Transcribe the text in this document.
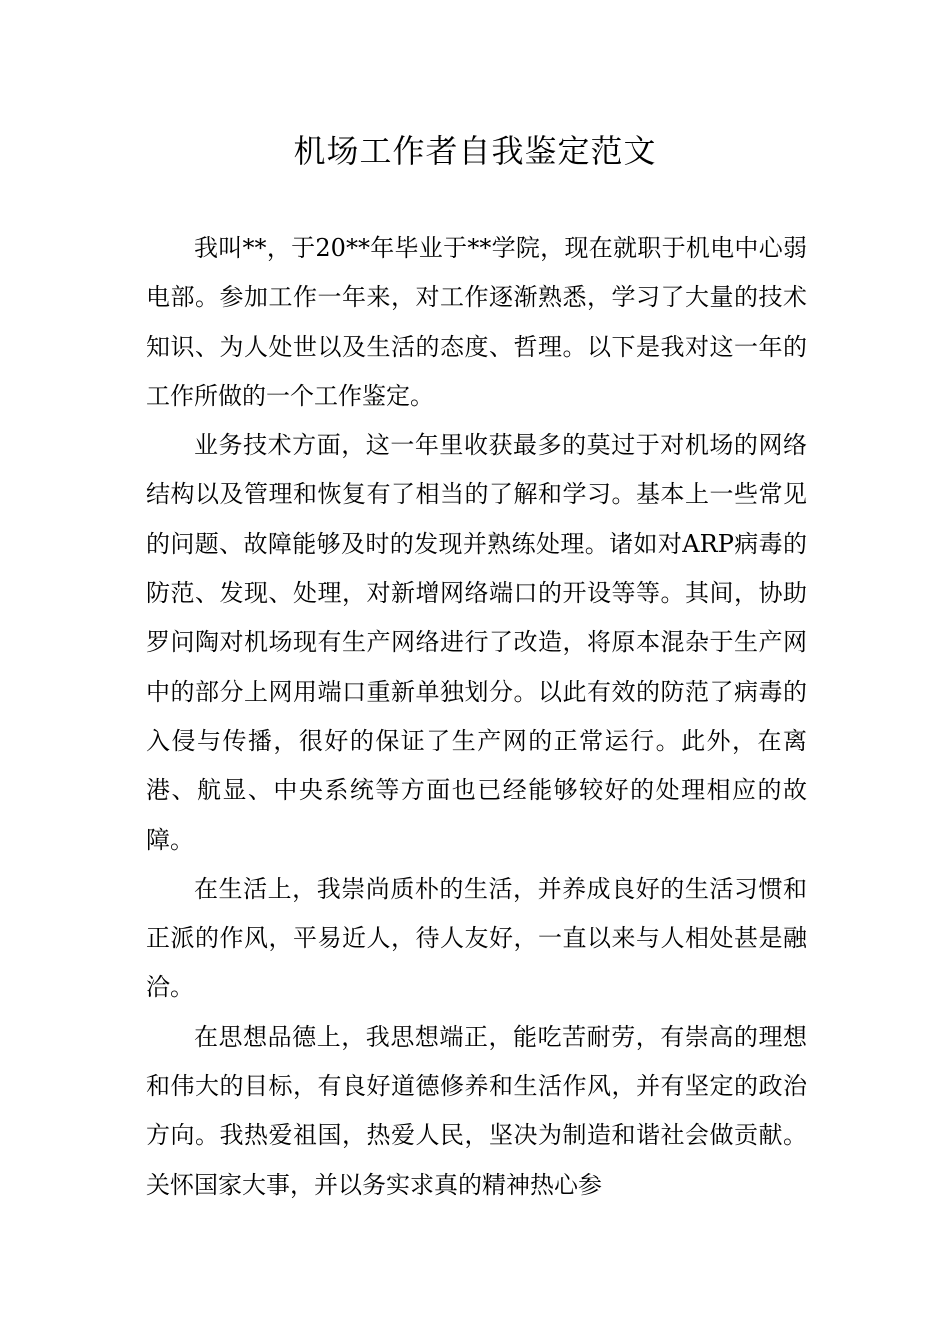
机场工作者自我鉴定范文

我叫**，于20**年毕业于**学院，现在就职于机电中心弱电部。参加工作一年来，对工作逐渐熟悉，学习了大量的技术知识、为人处世以及生活的态度、哲理。以下是我对这一年的工作所做的一个工作鉴定。

业务技术方面，这一年里收获最多的莫过于对机场的网络结构以及管理和恢复有了相当的了解和学习。基本上一些常见的问题、故障能够及时的发现并熟练处理。诸如对ARP病毒的防范、发现、处理，对新增网络端口的开设等等。其间，协助罗问陶对机场现有生产网络进行了改造，将原本混杂于生产网中的部分上网用端口重新单独划分。以此有效的防范了病毒的入侵与传播，很好的保证了生产网的正常运行。此外，在离港、航显、中央系统等方面也已经能够较好的处理相应的故障。

在生活上，我崇尚质朴的生活，并养成良好的生活习惯和正派的作风，平易近人，待人友好，一直以来与人相处甚是融洽。

在思想品德上，我思想端正，能吃苦耐劳，有崇高的理想和伟大的目标，有良好道德修养和生活作风，并有坚定的政治方向。我热爱祖国，热爱人民，坚决为制造和谐社会做贡献。关怀国家大事，并以务实求真的精神热心参
